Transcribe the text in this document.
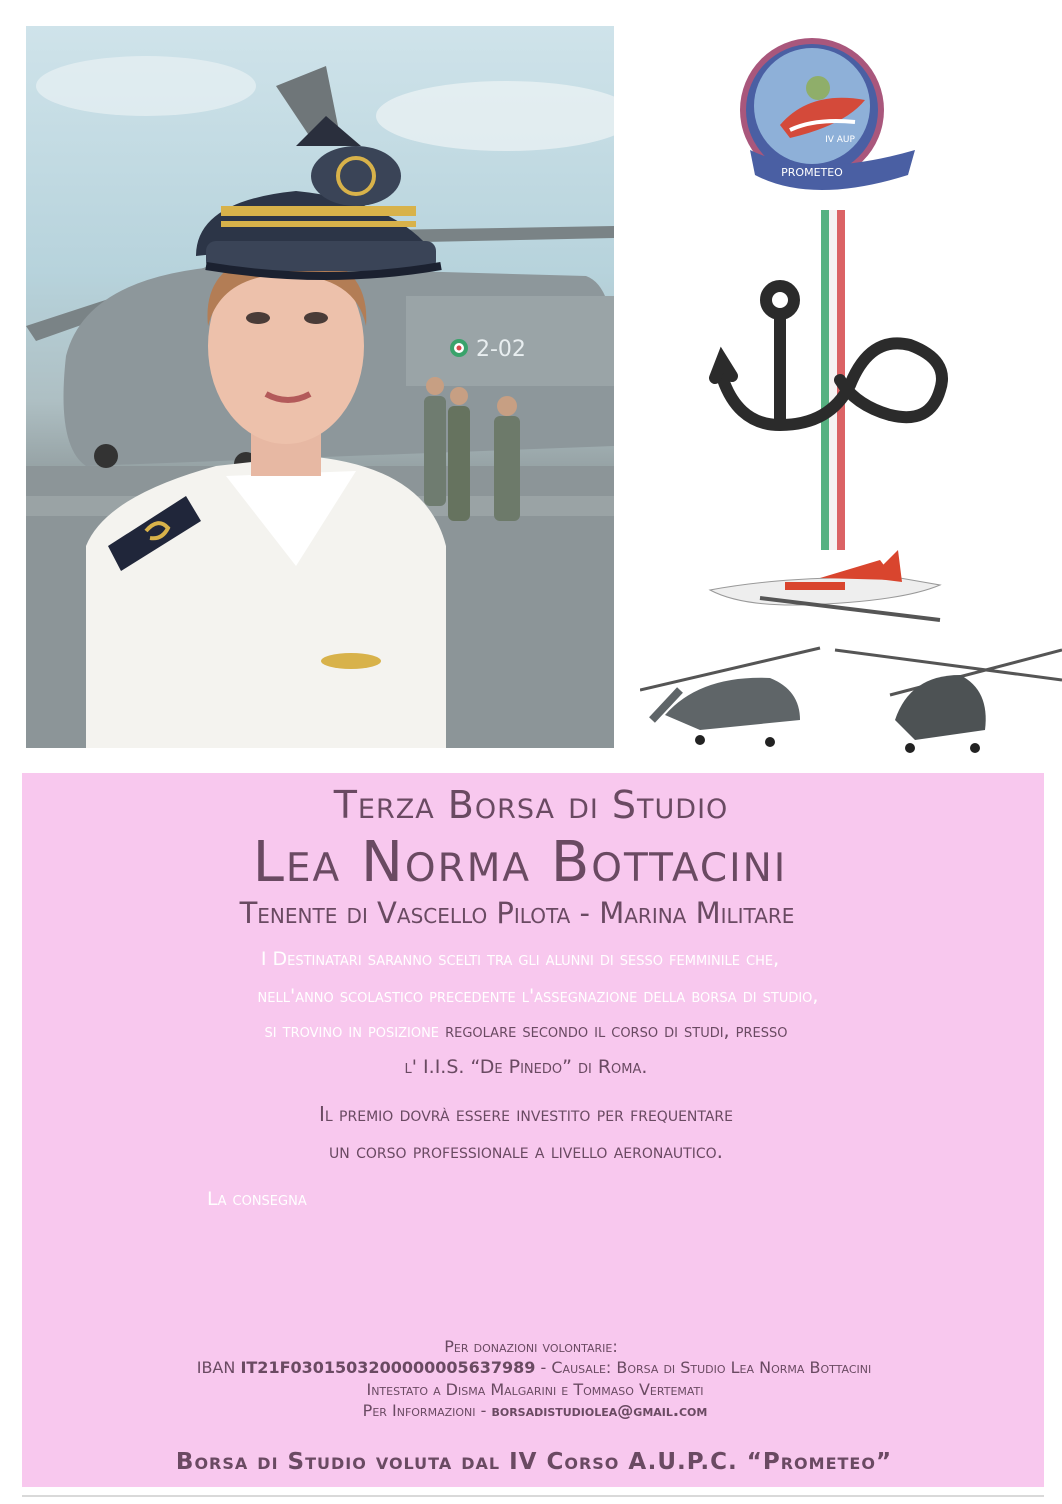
2-02
PROMETEO
IV AUP
Terza Borsa di Studio
Lea Norma Bottacini
Tenente di Vascello Pilota - Marina Militare
I Destinatari saranno scelti tra gli alunni di sesso femminile che,
nell'anno scolastico precedente l'assegnazione della borsa di studio,
si trovino in posizione regolare secondo il corso di studi, presso
l' I.I.S. “De Pinedo” di Roma.
Il premio dovrà essere investito per frequentare
un corso professionale a livello aeronautico.
La consegna
Per donazioni volontarie:
IBAN IT21F0301503200000005637989 - Causale: Borsa di Studio Lea Norma Bottacini
Intestato a Disma Malgarini e Tommaso Vertemati
Per Informazioni - borsadistudiolea@gmail.com
Borsa di Studio voluta dal IV Corso A.U.P.C. “Prometeo”
